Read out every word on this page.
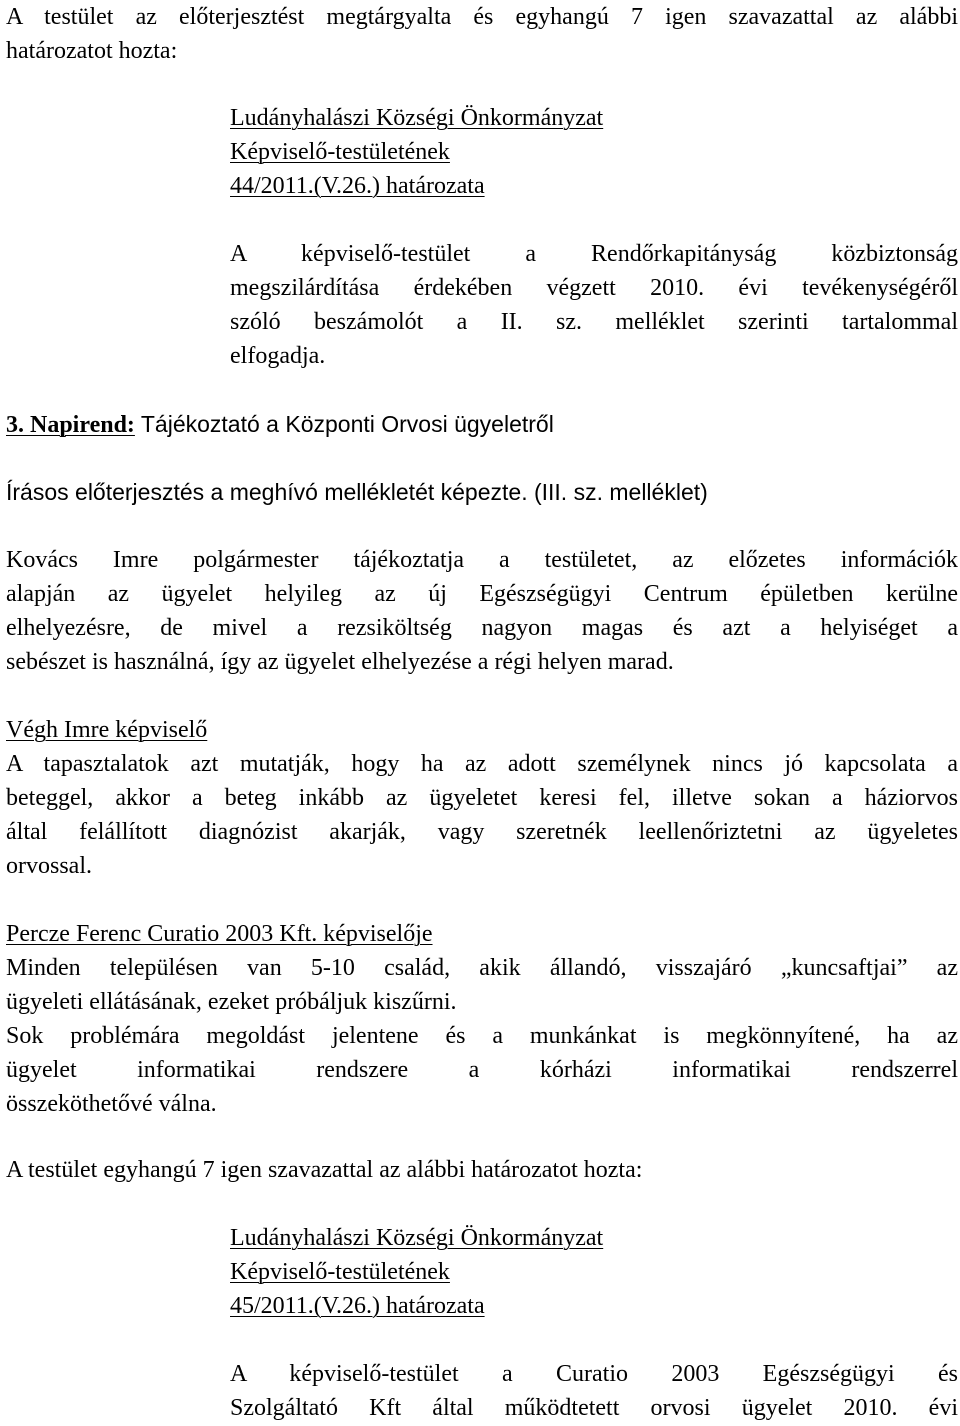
A testület az előterjesztést megtárgyalta és egyhangú 7 igen szavazattal az alábbi
határozatot hozta:

Ludányhalászi Községi Önkormányzat
Képviselő-testületének
44/2011.(V.26.) határozata
A képviselő-testület a Rendőrkapitányság közbiztonság
megszilárdítása érdekében végzett 2010. évi tevékenységéről
szóló beszámolót a II. sz. melléklet szerinti tartalommal
elfogadja.
3. Napirend: Tájékoztató a Központi Orvosi ügyeletről
Írásos előterjesztés a meghívó mellékletét képezte. (III. sz. melléklet)
Kovács Imre polgármester tájékoztatja a testületet, az előzetes információk
alapján az ügyelet helyileg az új Egészségügyi Centrum épületben kerülne
elhelyezésre, de mivel a rezsiköltség nagyon magas és azt a helyiséget a
sebészet is használná, így az ügyelet elhelyezése a régi helyen marad.
Végh Imre képviselő
A tapasztalatok azt mutatják, hogy ha az adott személynek nincs jó kapcsolata a
beteggel, akkor a beteg inkább az ügyeletet keresi fel, illetve sokan a háziorvos
által felállított diagnózist akarják, vagy szeretnék leellenőriztetni az ügyeletes
orvossal.
Percze Ferenc Curatio 2003 Kft. képviselője
Minden településen van 5-10 család, akik állandó, visszajáró „kuncsaftjai” az
ügyeleti ellátásának, ezeket próbáljuk kiszűrni.
Sok problémára megoldást jelentene és a munkánkat is megkönnyítené, ha az
ügyelet informatikai rendszere a kórházi informatikai rendszerrel
összeköthetővé válna.
A testület egyhangú 7 igen szavazattal az alábbi határozatot hozta:
Ludányhalászi Községi Önkormányzat
Képviselő-testületének
45/2011.(V.26.) határozata
A képviselő-testület a Curatio 2003 Egészségügyi és
Szolgáltató Kft által működtetett orvosi ügyelet 2010. évi
